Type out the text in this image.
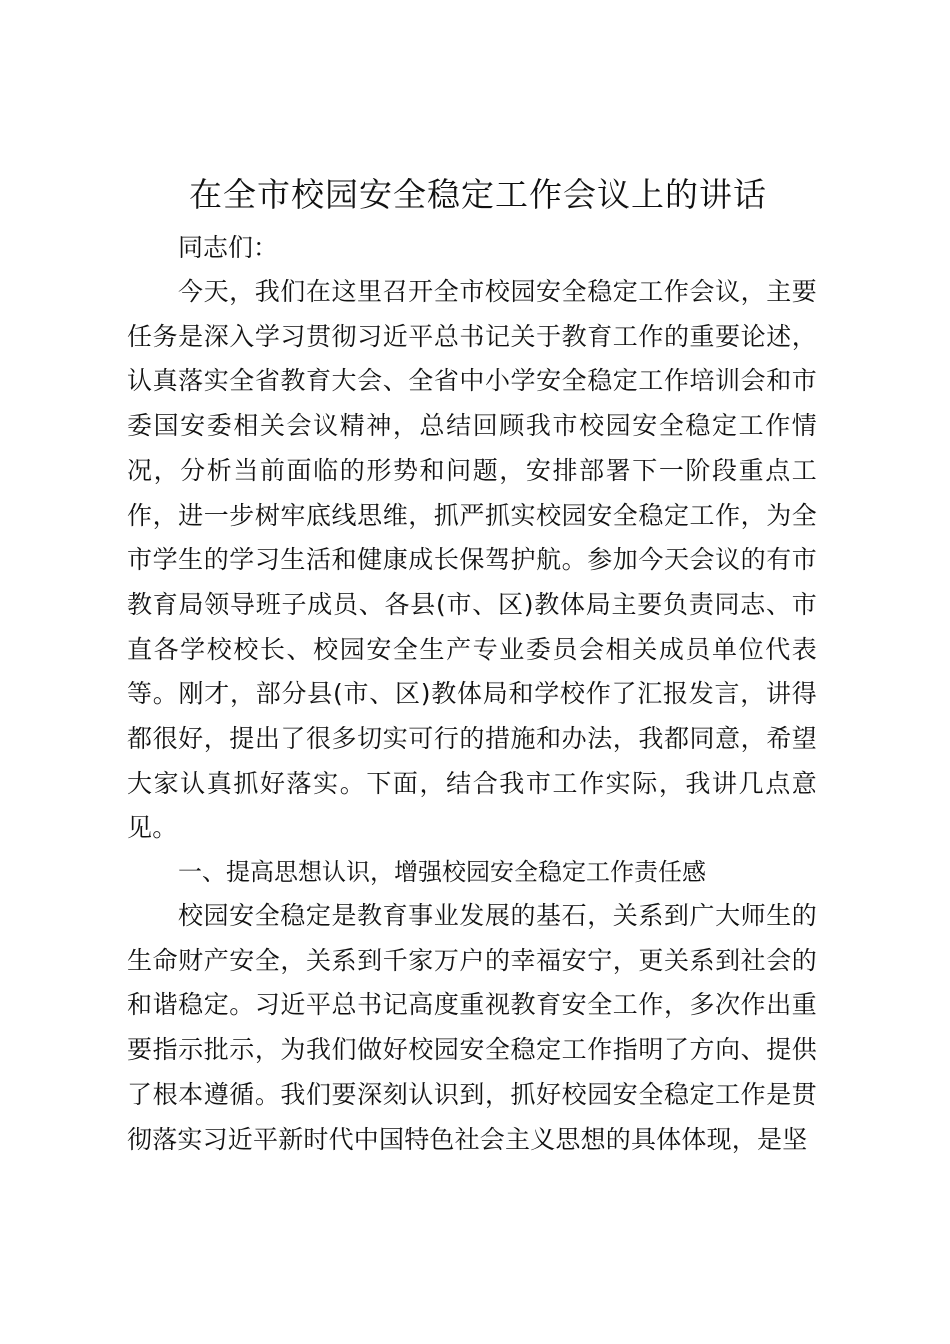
在全市校园安全稳定工作会议上的讲话
同志们：
今天，我们在这里召开全市校园安全稳定工作会议，主要任务是深入学习贯彻习近平总书记关于教育工作的重要论述，认真落实全省教育大会、全省中小学安全稳定工作培训会和市委国安委相关会议精神，总结回顾我市校园安全稳定工作情况，分析当前面临的形势和问题，安排部署下一阶段重点工作，进一步树牢底线思维，抓严抓实校园安全稳定工作，为全市学生的学习生活和健康成长保驾护航。参加今天会议的有市教育局领导班子成员、各县(市、区)教体局主要负责同志、市直各学校校长、校园安全生产专业委员会相关成员单位代表等。刚才，部分县(市、区)教体局和学校作了汇报发言，讲得都很好，提出了很多切实可行的措施和办法，我都同意，希望大家认真抓好落实。下面，结合我市工作实际，我讲几点意见。
一、提高思想认识，增强校园安全稳定工作责任感
校园安全稳定是教育事业发展的基石，关系到广大师生的生命财产安全，关系到千家万户的幸福安宁，更关系到社会的和谐稳定。习近平总书记高度重视教育安全工作，多次作出重要指示批示，为我们做好校园安全稳定工作指明了方向、提供了根本遵循。我们要深刻认识到，抓好校园安全稳定工作是贯彻落实习近平新时代中国特色社会主义思想的具体体现，是坚
